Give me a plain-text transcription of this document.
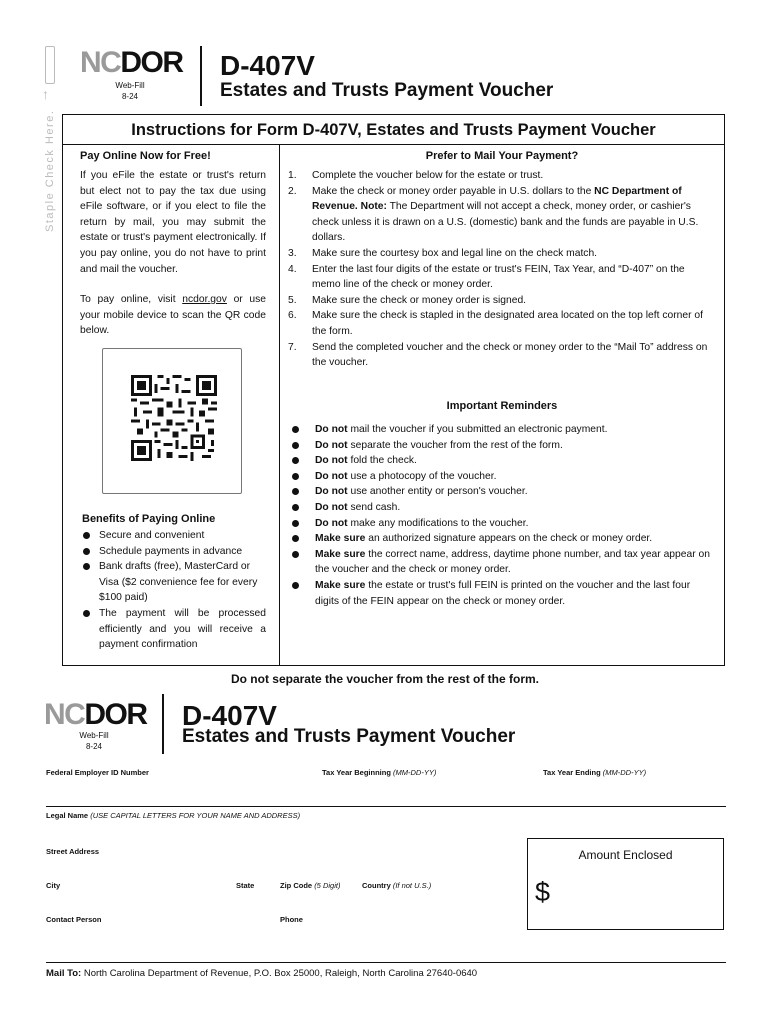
↑
Staple Check Here.
NCDOR
Web-Fill
8-24
D-407V
Estates and Trusts Payment Voucher
Instructions for Form D-407V, Estates and Trusts Payment Voucher
Pay Online Now for Free!
If you eFile the estate or trust's return but elect not to pay the tax due using eFile software, or if you elect to file the return by mail, you may submit the estate or trust's payment electronically. If you pay online, you do not have to print and mail the voucher.
To pay online, visit ncdor.gov or use your mobile device to scan the QR code below.
Benefits of Paying Online
Secure and convenient
Schedule payments in advance
Bank drafts (free), MasterCard or Visa ($2 convenience fee for every $100 paid)
The payment will be processed efficiently and you will receive a payment confirmation
Prefer to Mail Your Payment?
1. Complete the voucher below for the estate or trust.
2. Make the check or money order payable in U.S. dollars to the NC Department of Revenue. Note: The Department will not accept a check, money order, or cashier's check unless it is drawn on a U.S. (domestic) bank and the funds are payable in U.S. dollars.
3. Make sure the courtesy box and legal line on the check match.
4. Enter the last four digits of the estate or trust's FEIN, Tax Year, and “D-407” on the memo line of the check or money order.
5. Make sure the check or money order is signed.
6. Make sure the check is stapled in the designated area located on the top left corner of the form.
7. Send the completed voucher and the check or money order to the “Mail To” address on the voucher.
Important Reminders
Do not mail the voucher if you submitted an electronic payment.
Do not separate the voucher from the rest of the form.
Do not fold the check.
Do not use a photocopy of the voucher.
Do not use another entity or person's voucher.
Do not send cash.
Do not make any modifications to the voucher.
Make sure an authorized signature appears on the check or money order.
Make sure the correct name, address, daytime phone number, and tax year appear on the voucher and the check or money order.
Make sure the estate or trust's full FEIN is printed on the voucher and the last four digits of the FEIN appear on the check or money order.
Do not separate the voucher from the rest of the form.
NCDOR
Web-Fill
8-24
D-407V
Estates and Trusts Payment Voucher
Federal Employer ID Number	Tax Year Beginning (MM-DD-YY)	Tax Year Ending (MM-DD-YY)
Legal Name (USE CAPITAL LETTERS FOR YOUR NAME AND ADDRESS)
Street Address
City	State	Zip Code (5 Digit)	Country (If not U.S.)
Contact Person	Phone
Amount Enclosed
$
Mail To: North Carolina Department of Revenue, P.O. Box 25000, Raleigh, North Carolina 27640-0640
